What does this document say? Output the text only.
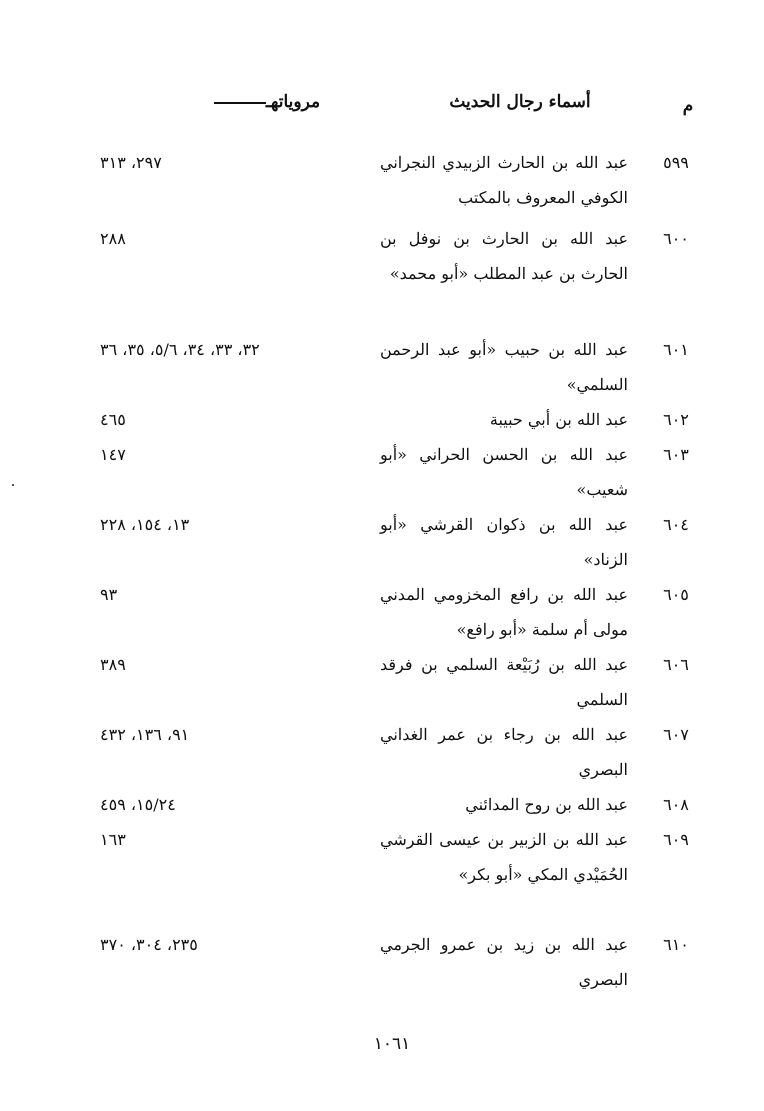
م
أسماء رجال الحديث
مروياتهـ
٥٩٩
عبد الله بن الحارث الزبيدي النجراني الكوفي المعروف بالمكتب
٢٩٧، ٣١٣
٦٠٠
عبد الله بن الحارث بن نوفل بن الحارث بن عبد المطلب «أبو محمد»
٢٨٨
٦٠١
عبد الله بن حبيب «أبو عبد الرحمن السلمي»
٣٢، ٣٣، ٣٤، ٥/٦، ٣٥، ٣٦
٦٠٢
عبد الله بن أبي حبيبة
٤٦٥
٦٠٣
عبد الله بن الحسن الحراني «أبو شعيب»
١٤٧
٦٠٤
عبد الله بن ذكوان القرشي «أبو الزناد»
١٣، ١٥٤، ٢٢٨
٦٠٥
عبد الله بن رافع المخزومي المدني مولى أم سلمة «أبو رافع»
٩٣
٦٠٦
عبد الله بن رُبَيْعة السلمي بن فرقد السلمي
٣٨٩
٦٠٧
عبد الله بن رجاء بن عمر الغداني البصري
٩١، ١٣٦، ٤٣٢
٦٠٨
عبد الله بن روح المدائني
١٥/٢٤، ٤٥٩
٦٠٩
عبد الله بن الزبير بن عيسى القرشي الحُمَيْدي المكي «أبو بكر»
١٦٣
٦١٠
عبد الله بن زيد بن عمرو الجرمي البصري
٢٣٥، ٣٠٤، ٣٧٠
١٠٦١
